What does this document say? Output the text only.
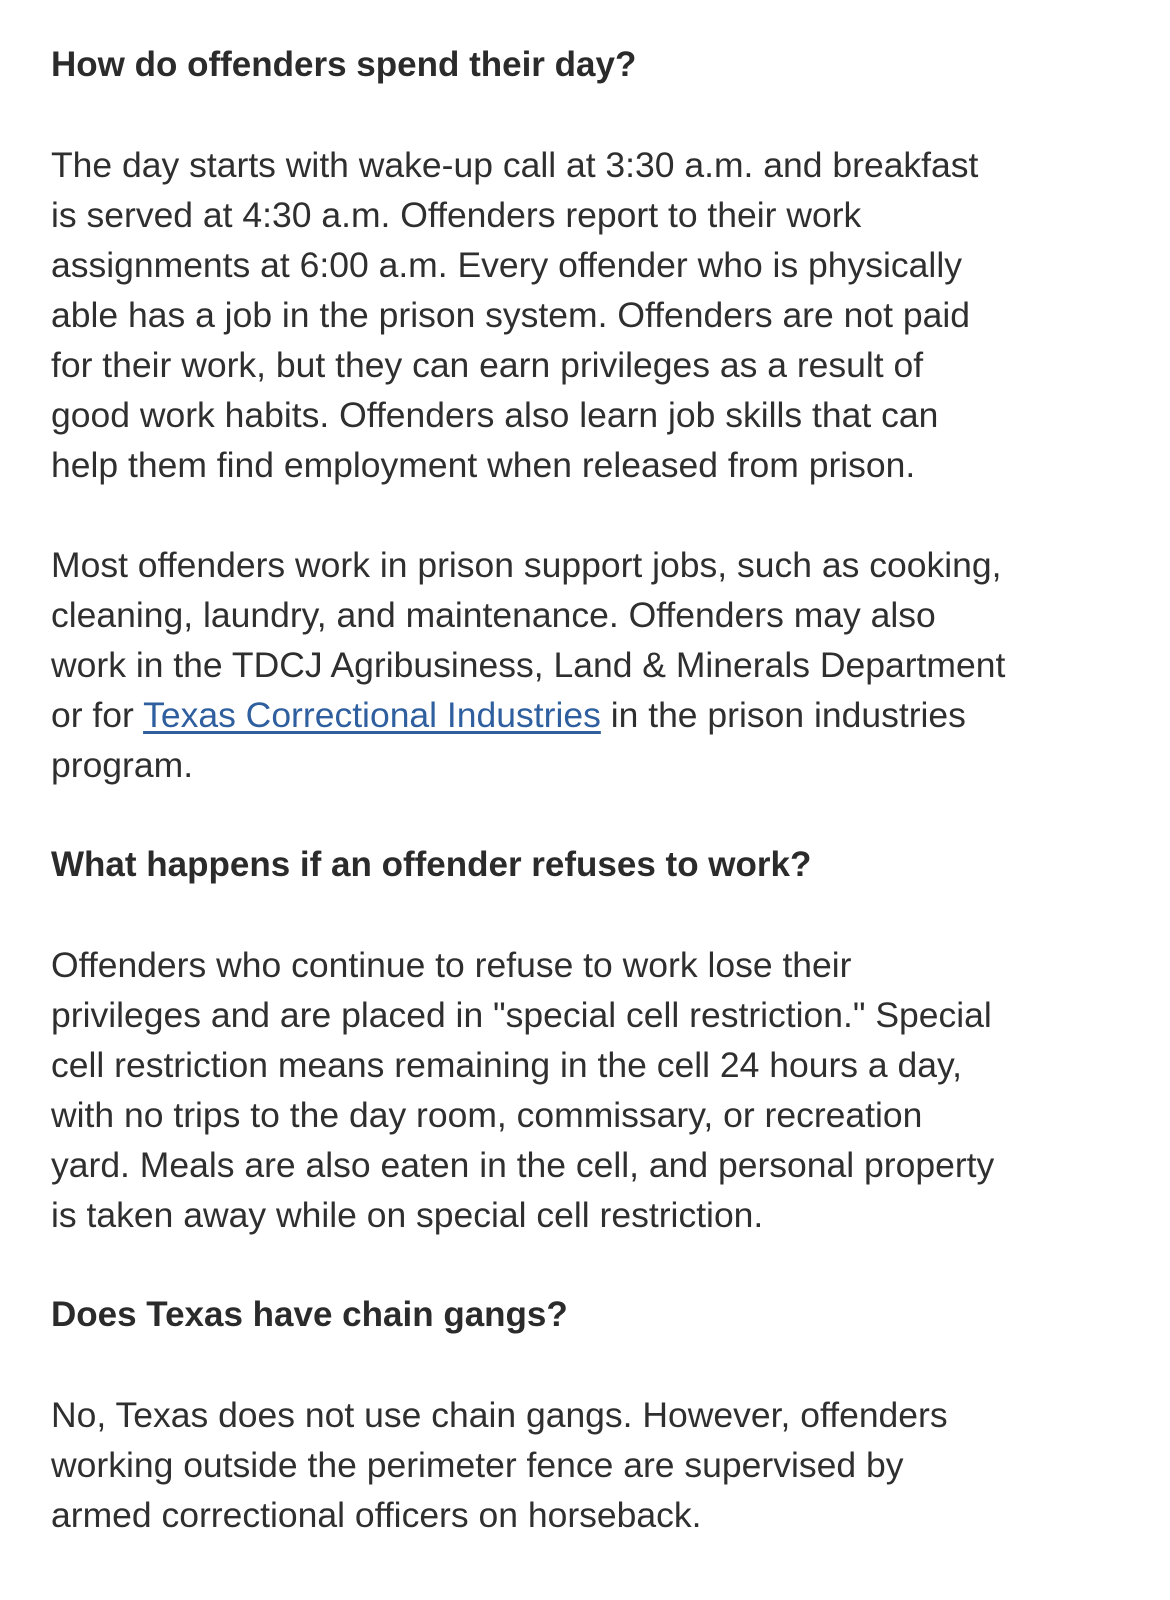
How do offenders spend their day?

The day starts with wake-up call at 3:30 a.m. and breakfast
is served at 4:30 a.m. Offenders report to their work
assignments at 6:00 a.m. Every offender who is physically
able has a job in the prison system. Offenders are not paid
for their work, but they can earn privileges as a result of
good work habits. Offenders also learn job skills that can
help them find employment when released from prison.

Most offenders work in prison support jobs, such as cooking,
cleaning, laundry, and maintenance. Offenders may also
work in the TDCJ Agribusiness, Land & Minerals Department
or for Texas Correctional Industries in the prison industries
program.

What happens if an offender refuses to work?

Offenders who continue to refuse to work lose their
privileges and are placed in "special cell restriction." Special
cell restriction means remaining in the cell 24 hours a day,
with no trips to the day room, commissary, or recreation
yard. Meals are also eaten in the cell, and personal property
is taken away while on special cell restriction.

Does Texas have chain gangs?

No, Texas does not use chain gangs. However, offenders
working outside the perimeter fence are supervised by
armed correctional officers on horseback.
